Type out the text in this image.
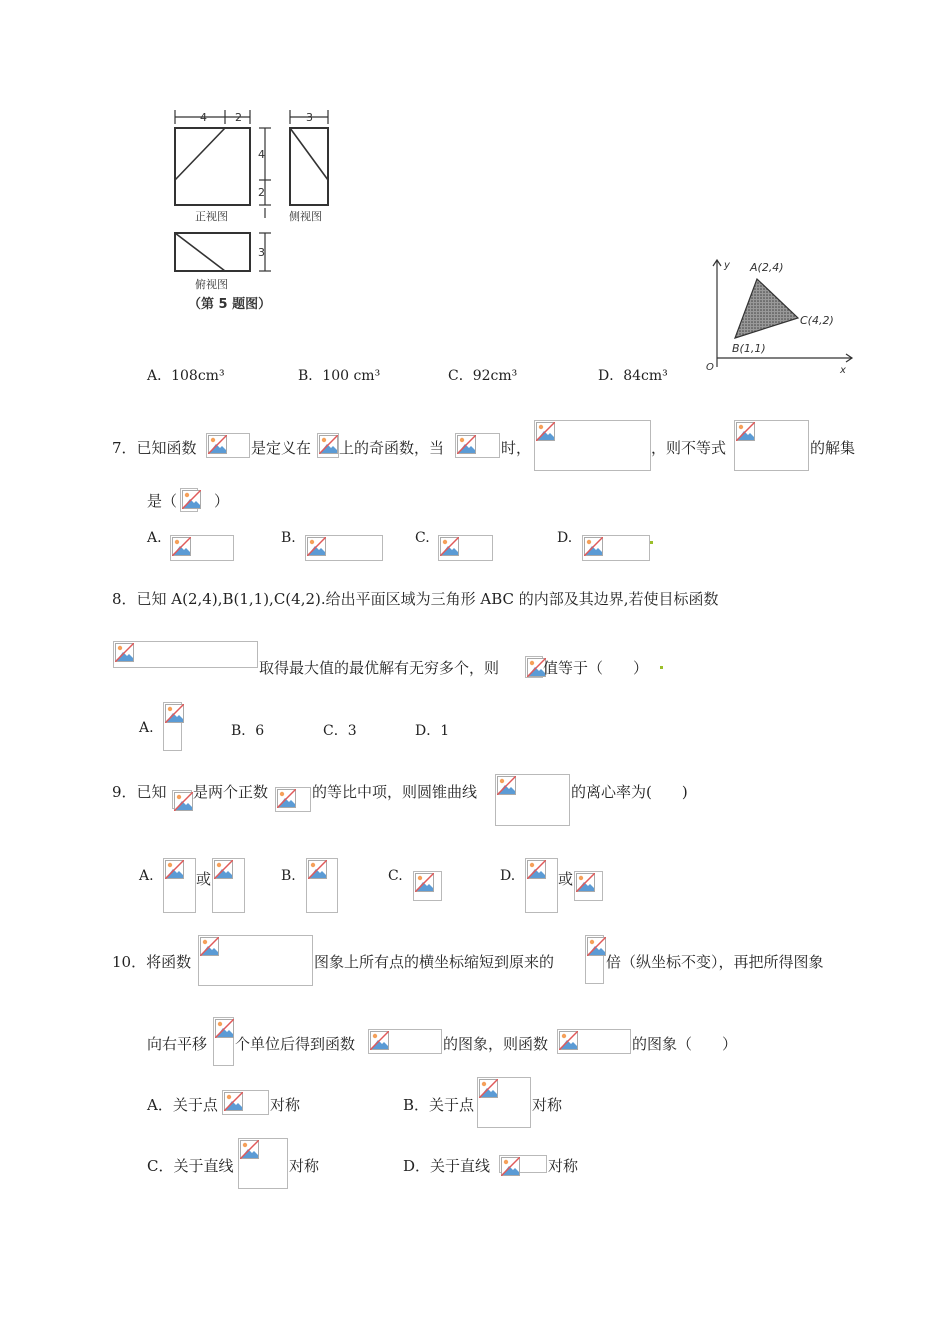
4	2	3
4
2
3
正视图	侧视图
俯视图
（第 5 题图）
y
x
O
A(2,4)
B(1,1)
C(4,2)
A．108cm³	B．100 cm³	C．92cm³	D．84cm³
7．已知函数	是定义在 上的奇函数，当	时，	，则不等式	的解集
是（ ）
A.	B.	C.	D.
8．已知 A(2,4),B(1,1),C(4,2).给出平面区域为三角形 ABC 的内部及其边界,若使目标函数
取得最大值的最优解有无穷多个，则	值等于（　　）
A.	B．6	C．3	D．1
9．已知 是两个正数	的等比中项，则圆锥曲线	的离心率为(　　)
A.	或	B.	C.	D.	或
10．将函数	图象上所有点的横坐标缩短到原来的	倍（纵坐标不变），再把所得图象
向右平移 个单位后得到函数	的图象，则函数	的图象（　　）
A．关于点	对称	B．关于点	对称
C．关于直线	对称	D．关于直线	对称
